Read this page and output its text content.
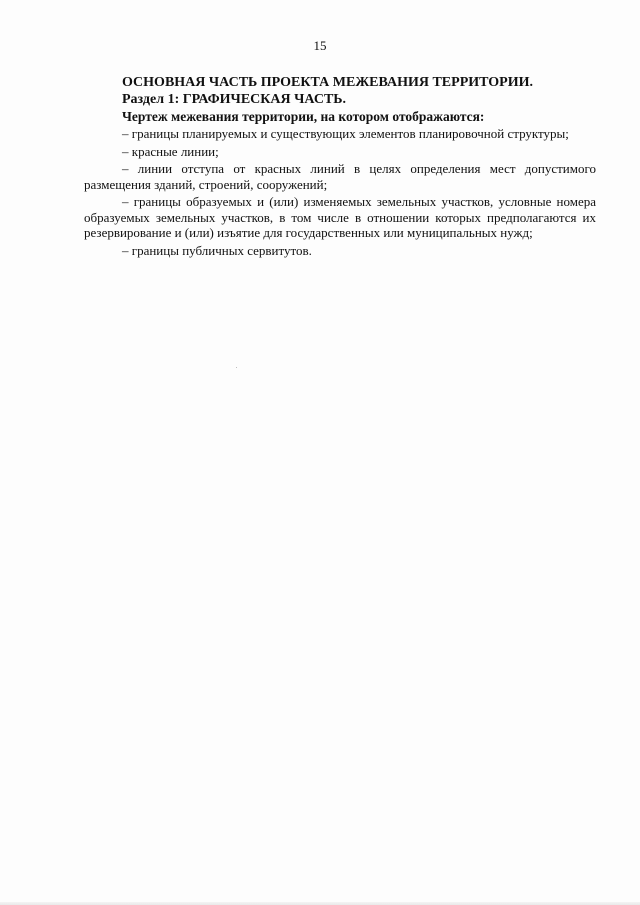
15

ОСНОВНАЯ ЧАСТЬ ПРОЕКТА МЕЖЕВАНИЯ ТЕРРИТОРИИ.

Раздел 1: ГРАФИЧЕСКАЯ ЧАСТЬ.

Чертеж межевания территории, на котором отображаются:

– границы планируемых и существующих элементов планировочной структуры;

– красные линии;

– линии отступа от красных линий в целях определения мест допустимого размещения зданий, строений, сооружений;

– границы образуемых и (или) изменяемых земельных участков, условные номера образуемых земельных участков, в том числе в отношении которых предполагаются их резервирование и (или) изъятие для государственных или муниципальных нужд;

– границы публичных сервитутов.
